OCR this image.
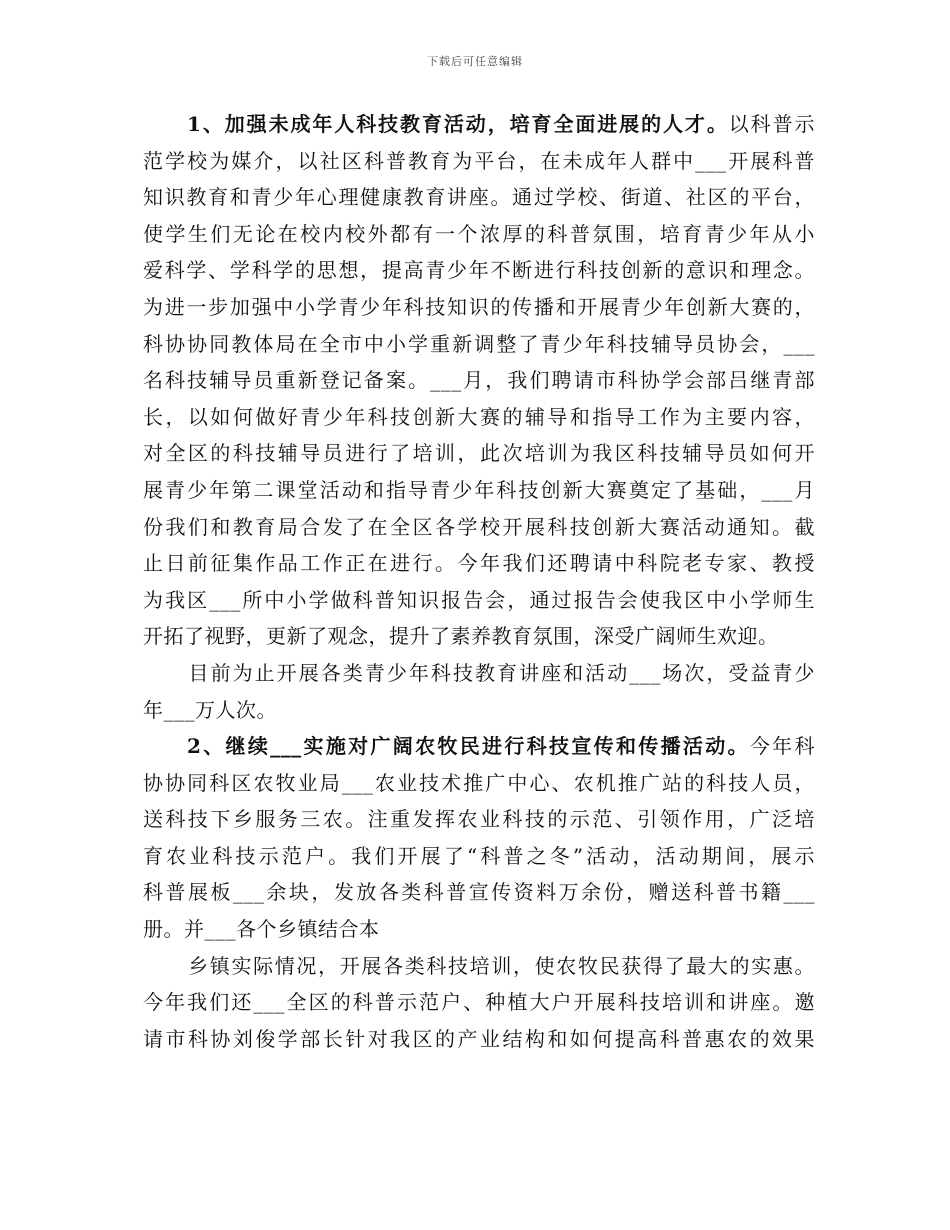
下载后可任意编辑
1、加强未成年人科技教育活动，培育全面进展的人才。以科普示
范学校为媒介，以社区科普教育为平台，在未成年人群中___开展科普
知识教育和青少年心理健康教育讲座。通过学校、街道、社区的平台，
使学生们无论在校内校外都有一个浓厚的科普氛围，培育青少年从小
爱科学、学科学的思想，提高青少年不断进行科技创新的意识和理念。
为进一步加强中小学青少年科技知识的传播和开展青少年创新大赛的，
科协协同教体局在全市中小学重新调整了青少年科技辅导员协会，___
名科技辅导员重新登记备案。___月，我们聘请市科协学会部吕继青部
长，以如何做好青少年科技创新大赛的辅导和指导工作为主要内容，
对全区的科技辅导员进行了培训，此次培训为我区科技辅导员如何开
展青少年第二课堂活动和指导青少年科技创新大赛奠定了基础，___月
份我们和教育局合发了在全区各学校开展科技创新大赛活动通知。截
止日前征集作品工作正在进行。今年我们还聘请中科院老专家、教授
为我区___所中小学做科普知识报告会，通过报告会使我区中小学师生
开拓了视野，更新了观念，提升了素养教育氛围，深受广阔师生欢迎。
目前为止开展各类青少年科技教育讲座和活动___场次，受益青少
年___万人次。
2、继续___实施对广阔农牧民进行科技宣传和传播活动。今年科
协协同科区农牧业局___农业技术推广中心、农机推广站的科技人员，
送科技下乡服务三农。注重发挥农业科技的示范、引领作用，广泛培
育农业科技示范户。我们开展了“科普之冬”活动，活动期间，展示
科普展板___余块，发放各类科普宣传资料万余份，赠送科普书籍___
册。并___各个乡镇结合本
乡镇实际情况，开展各类科技培训，使农牧民获得了最大的实惠。
今年我们还___全区的科普示范户、种植大户开展科技培训和讲座。邀
请市科协刘俊学部长针对我区的产业结构和如何提高科普惠农的效果
